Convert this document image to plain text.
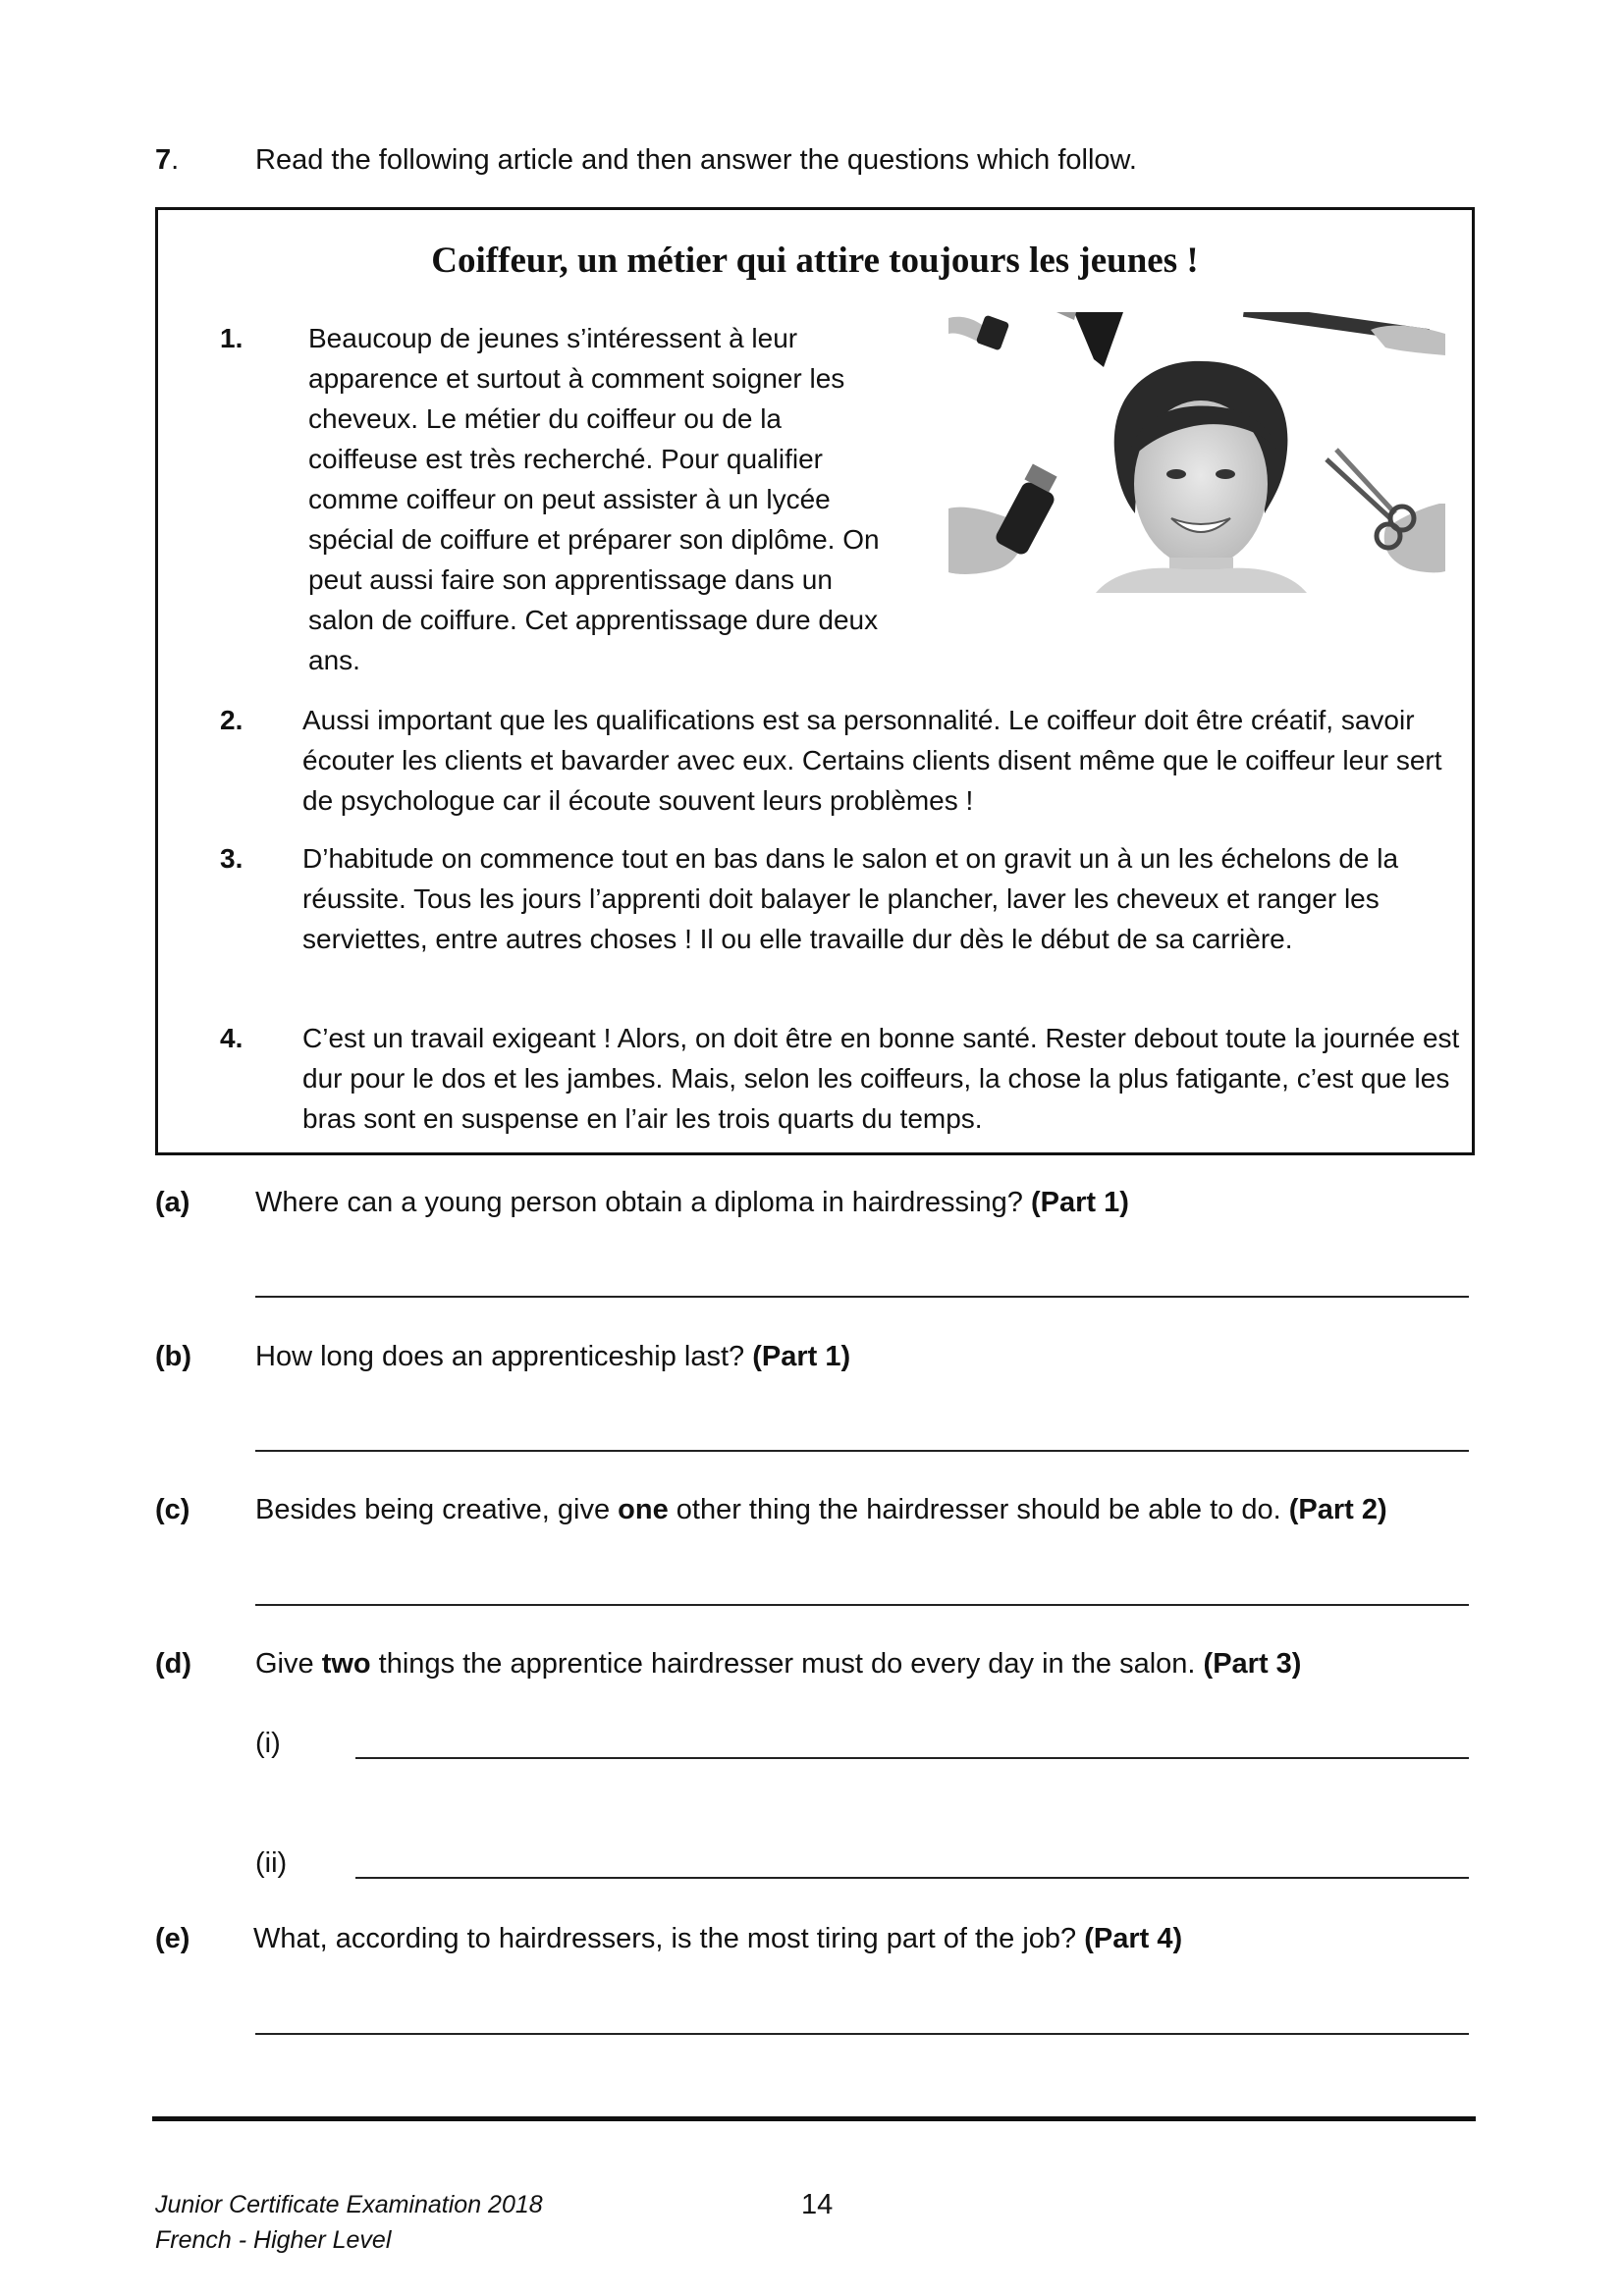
7.	Read the following article and then answer the questions which follow.
Coiffeur, un métier qui attire toujours les jeunes !
1. Beaucoup de jeunes s’intéressent à leur apparence et surtout à comment soigner les cheveux. Le métier du coiffeur ou de la coiffeuse est très recherché. Pour qualifier comme coiffeur on peut assister à un lycée spécial de coiffure et préparer son diplôme. On peut aussi faire son apprentissage dans un salon de coiffure. Cet apprentissage dure deux ans.
2. Aussi important que les qualifications est sa personnalité. Le coiffeur doit être créatif, savoir écouter les clients et bavarder avec eux. Certains clients disent même que le coiffeur leur sert de psychologue car il écoute souvent leurs problèmes !
3. D’habitude on commence tout en bas dans le salon et on gravit un à un les échelons de la réussite. Tous les jours l’apprenti doit balayer le plancher, laver les cheveux et ranger les serviettes, entre autres choses ! Il ou elle travaille dur dès le début de sa carrière.
4. C’est un travail exigeant ! Alors, on doit être en bonne santé. Rester debout toute la journée est dur pour le dos et les jambes. Mais, selon les coiffeurs, la chose la plus fatigante, c’est que les bras sont en suspense en l’air les trois quarts du temps.
(a) Where can a young person obtain a diploma in hairdressing? (Part 1)
(b) How long does an apprenticeship last? (Part 1)
(c) Besides being creative, give one other thing the hairdresser should be able to do. (Part 2)
(d) Give two things the apprentice hairdresser must do every day in the salon. (Part 3)
(i)
(ii)
(e) What, according to hairdressers, is the most tiring part of the job? (Part 4)
Junior Certificate Examination 2018
French - Higher Level
14
